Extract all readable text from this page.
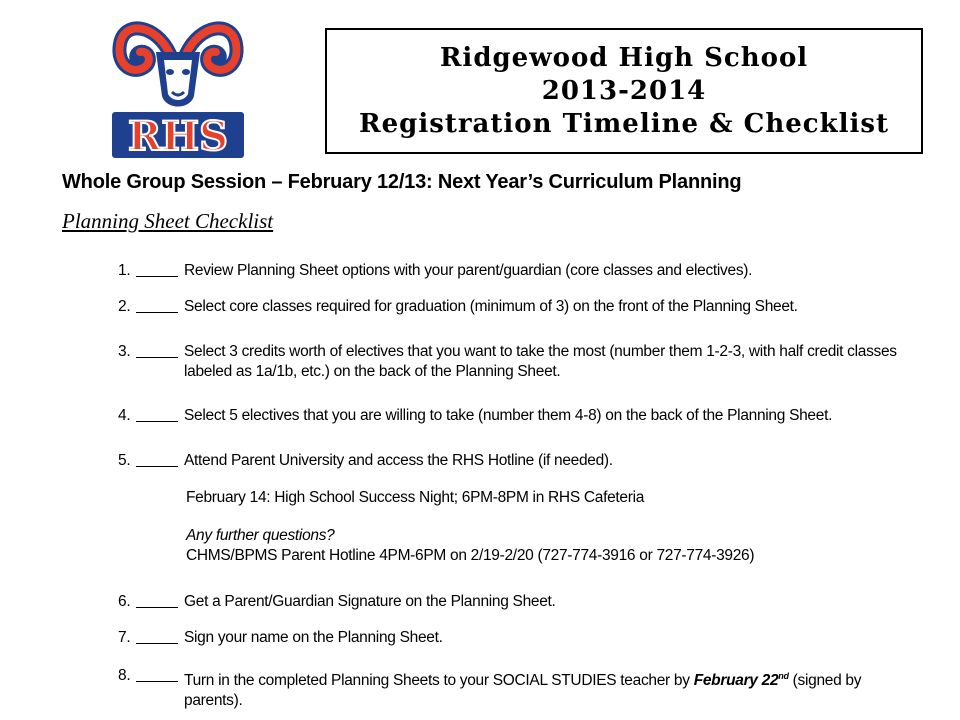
RHS
Ridgewood High School
2013-2014
Registration Timeline & Checklist
Whole Group Session – February 12/13: Next Year’s Curriculum Planning
Planning Sheet Checklist
1.	Review Planning Sheet options with your parent/guardian (core classes and electives).
2.	Select core classes required for graduation (minimum of 3) on the front of the Planning Sheet.
3.	Select 3 credits worth of electives that you want to take the most (number them 1-2-3, with half credit classes labeled as 1a/1b, etc.) on the back of the Planning Sheet.
4.	Select 5 electives that you are willing to take (number them 4-8) on the back of the Planning Sheet.
5.	Attend Parent University and access the RHS Hotline (if needed).
February 14: High School Success Night; 6PM-8PM in RHS Cafeteria
Any further questions?
CHMS/BPMS Parent Hotline 4PM-6PM on 2/19-2/20 (727-774-3916 or 727-774-3926)
6.	Get a Parent/Guardian Signature on the Planning Sheet.
7.	Sign your name on the Planning Sheet.
8.	Turn in the completed Planning Sheets to your SOCIAL STUDIES teacher by February 22nd (signed by parents).
